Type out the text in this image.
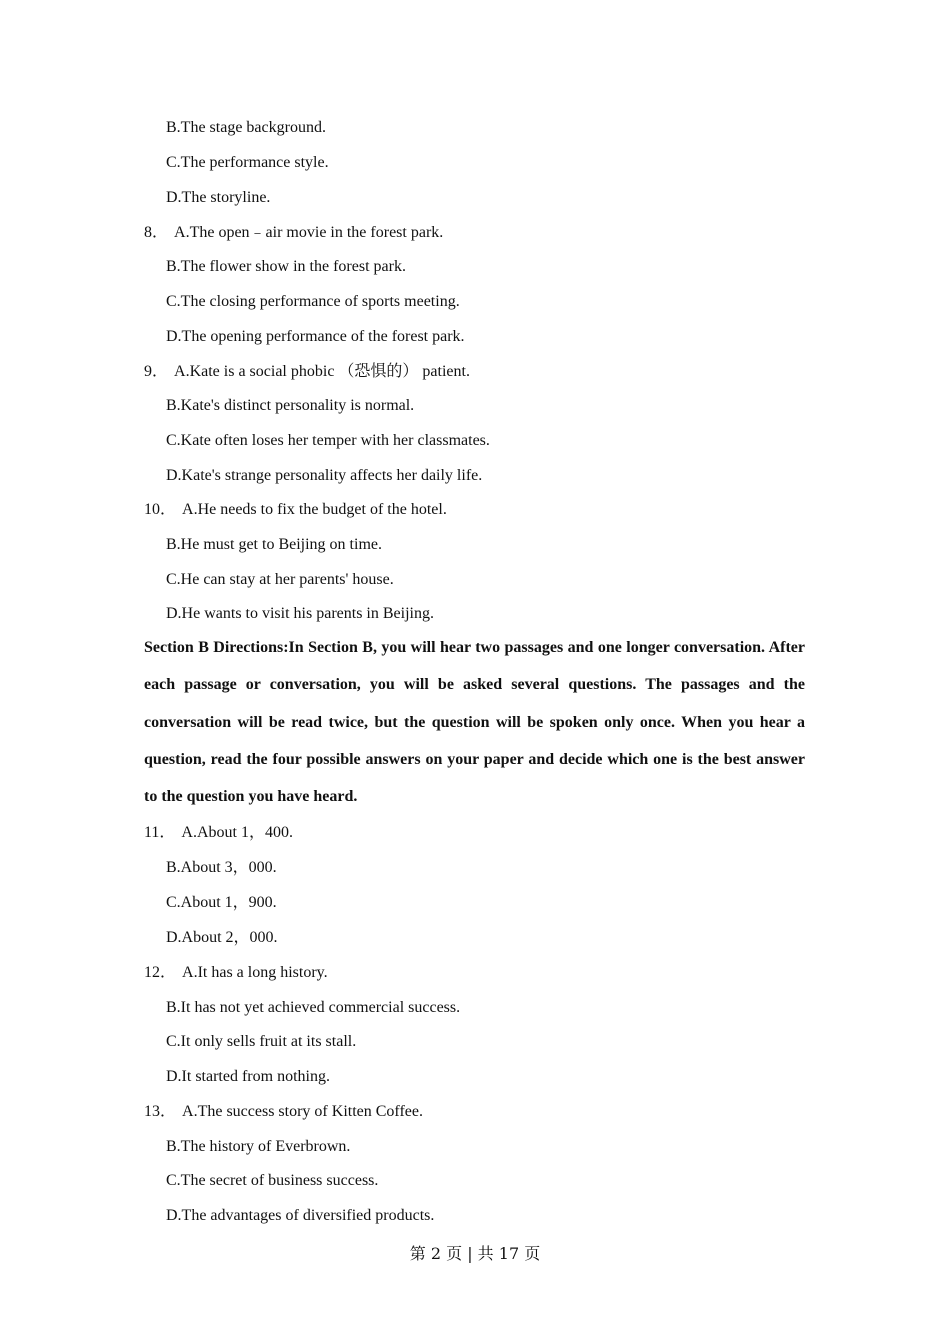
B.The stage background.
C.The performance style.
D.The storyline.
8． A.The open﹣air movie in the forest park.
B.The flower show in the forest park.
C.The closing performance of sports meeting.
D.The opening performance of the forest park.
9． A.Kate is a social phobic （恐惧的） patient.
B.Kate's distinct personality is normal.
C.Kate often loses her temper with her classmates.
D.Kate's strange personality affects her daily life.
10． A.He needs to fix the budget of the hotel.
B.He must get to Beijing on time.
C.He can stay at her parents' house.
D.He wants to visit his parents in Beijing.
Section B Directions:In Section B, you will hear two passages and one longer conversation. After each passage or conversation, you will be asked several questions. The passages and the conversation will be read twice, but the question will be spoken only once. When you hear a question, read the four possible answers on your paper and decide which one is the best answer to the question you have heard.
11． A.About 1，400.
B.About 3，000.
C.About 1，900.
D.About 2，000.
12． A.It has a long history.
B.It has not yet achieved commercial success.
C.It only sells fruit at its stall.
D.It started from nothing.
13． A.The success story of Kitten Coffee.
B.The history of Everbrown.
C.The secret of business success.
D.The advantages of diversified products.
第 2 页 | 共 17 页
